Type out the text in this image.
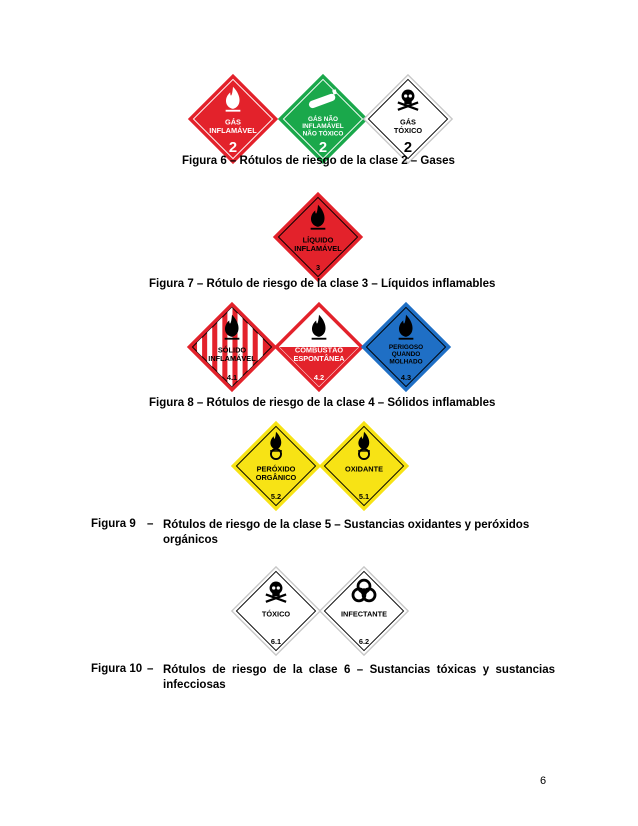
GÁS
INFLAMÁVEL
2
GÁS NÃO
INFLAMÁVEL
NÃO TÓXICO
2
GÁS
TÓXICO
2
Figura 6 – Rótulos de riesgo de la clase 2 – Gases
LÍQUIDO
INFLAMÁVEL
3
Figura 7 – Rótulo de riesgo de la clase 3 – Líquidos inflamables
SÓLIDO
INFLAMÁVEL
4.1
COMBUSTÃO
ESPONTÂNEA
4.2
PERIGOSO
QUANDO
MOLHADO
4.3
Figura 8 – Rótulos de riesgo de la clase 4 – Sólidos inflamables
PERÓXIDO
ORGÂNICO
5.2
OXIDANTE
5.1
Figura 9 – Rótulos de riesgo de la clase 5 – Sustancias oxidantes y peróxidos
orgánicos
TÓXICO
6.1
INFECTANTE
6.2
Figura 10 – Rótulos de riesgo de la clase 6 – Sustancias tóxicas y sustancias
infecciosas
6
